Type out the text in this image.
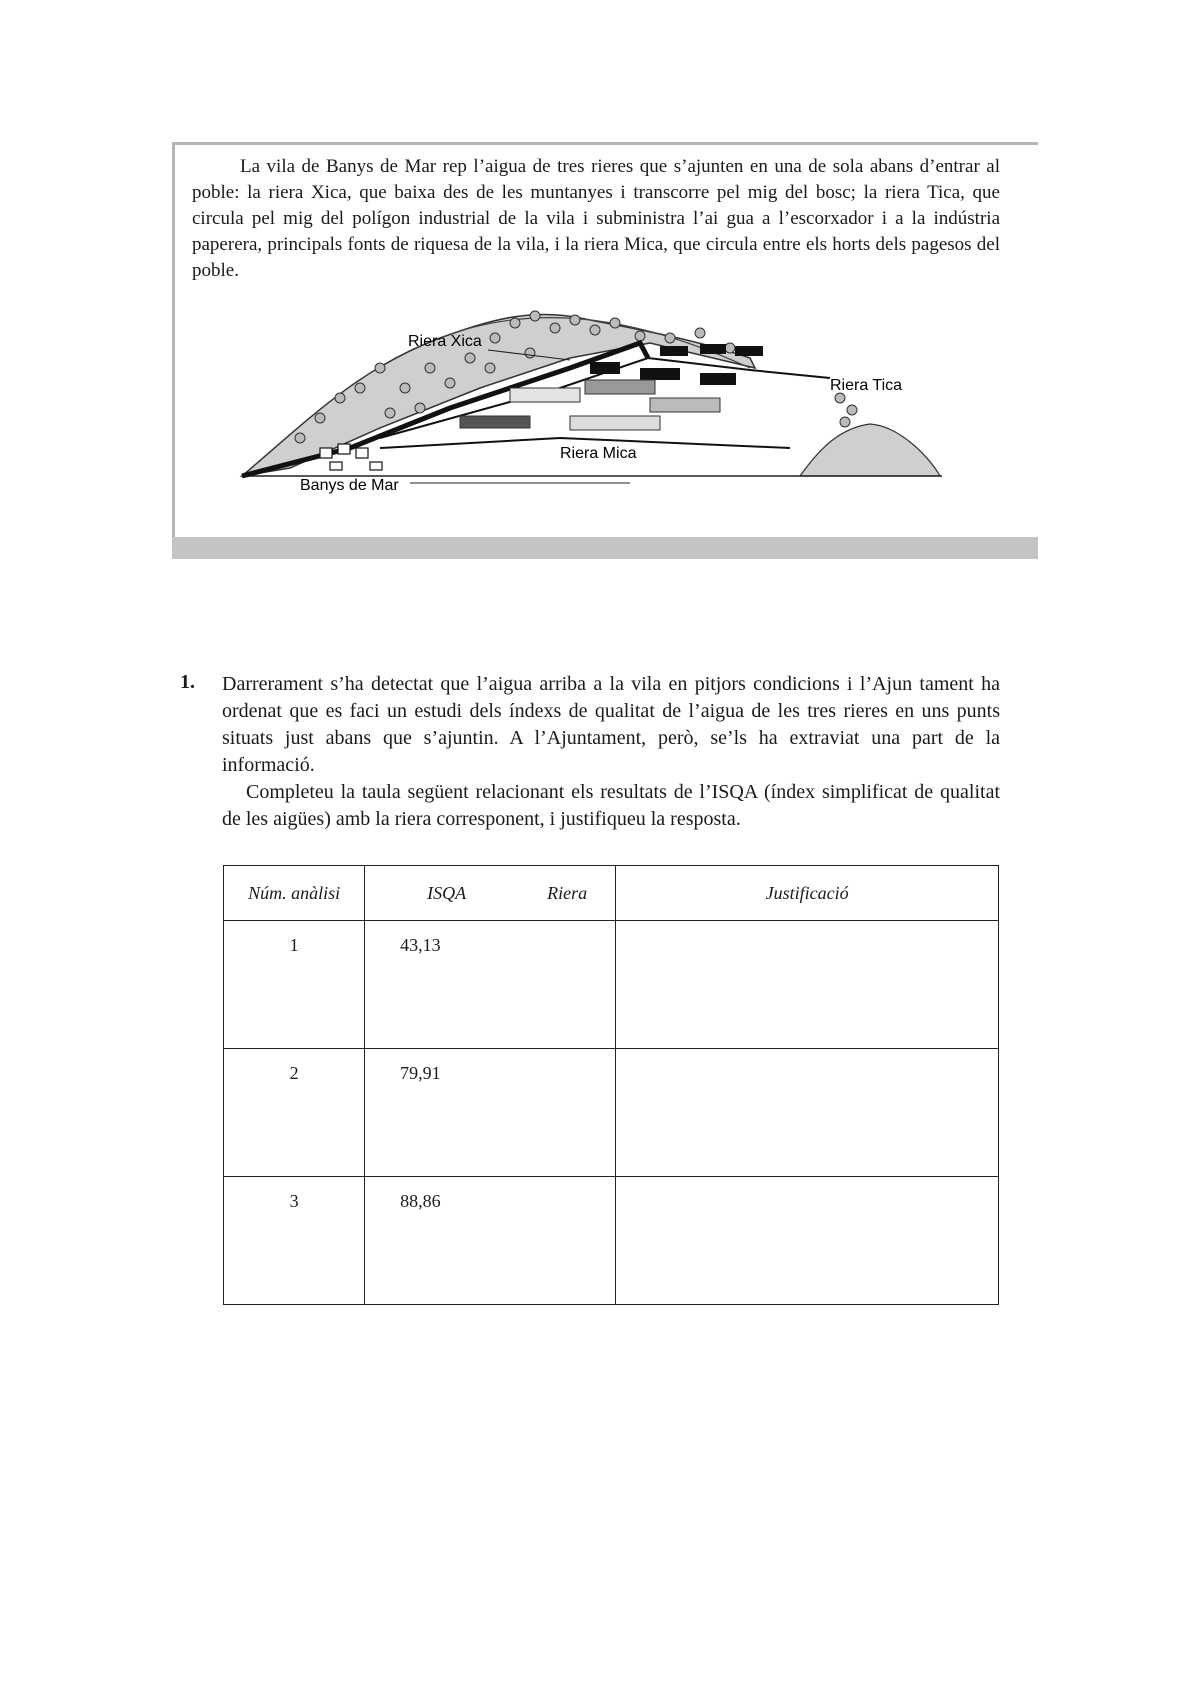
La vila de Banys de Mar rep l’aigua de tres rieres que s’ajunten en una de sola abans d’entrar al poble: la riera Xica, que baixa des de les muntanyes i transcorre pel mig del bosc; la riera Tica, que circula pel mig del polígon industrial de la vila i subministra l’ai gua a l’escorxador i a la indústria paperera, principals fonts de riquesa de la vila, i la riera Mica, que circula entre els horts dels pagesos del poble.

Riera Xica
Riera Tica
Riera Mica
Banys de Mar
1. Darrerament s’ha detectat que l’aigua arriba a la vila en pitjors condicions i l’Ajun tament ha ordenat que es faci un estudi dels índexs de qualitat de l’aigua de les tres rieres en uns punts situats just abans que s’ajuntin. A l’Ajuntament, però, se’ls ha extraviat una part de la informació.

Completeu la taula següent relacionant els resultats de l’ISQA (índex simplificat de qualitat de les aigües) amb la riera corresponent, i justifiqueu la resposta.

Núm. anàlisi	ISQA Riera	Justificació
1	43,13	
2	79,91	
3	88,86	
